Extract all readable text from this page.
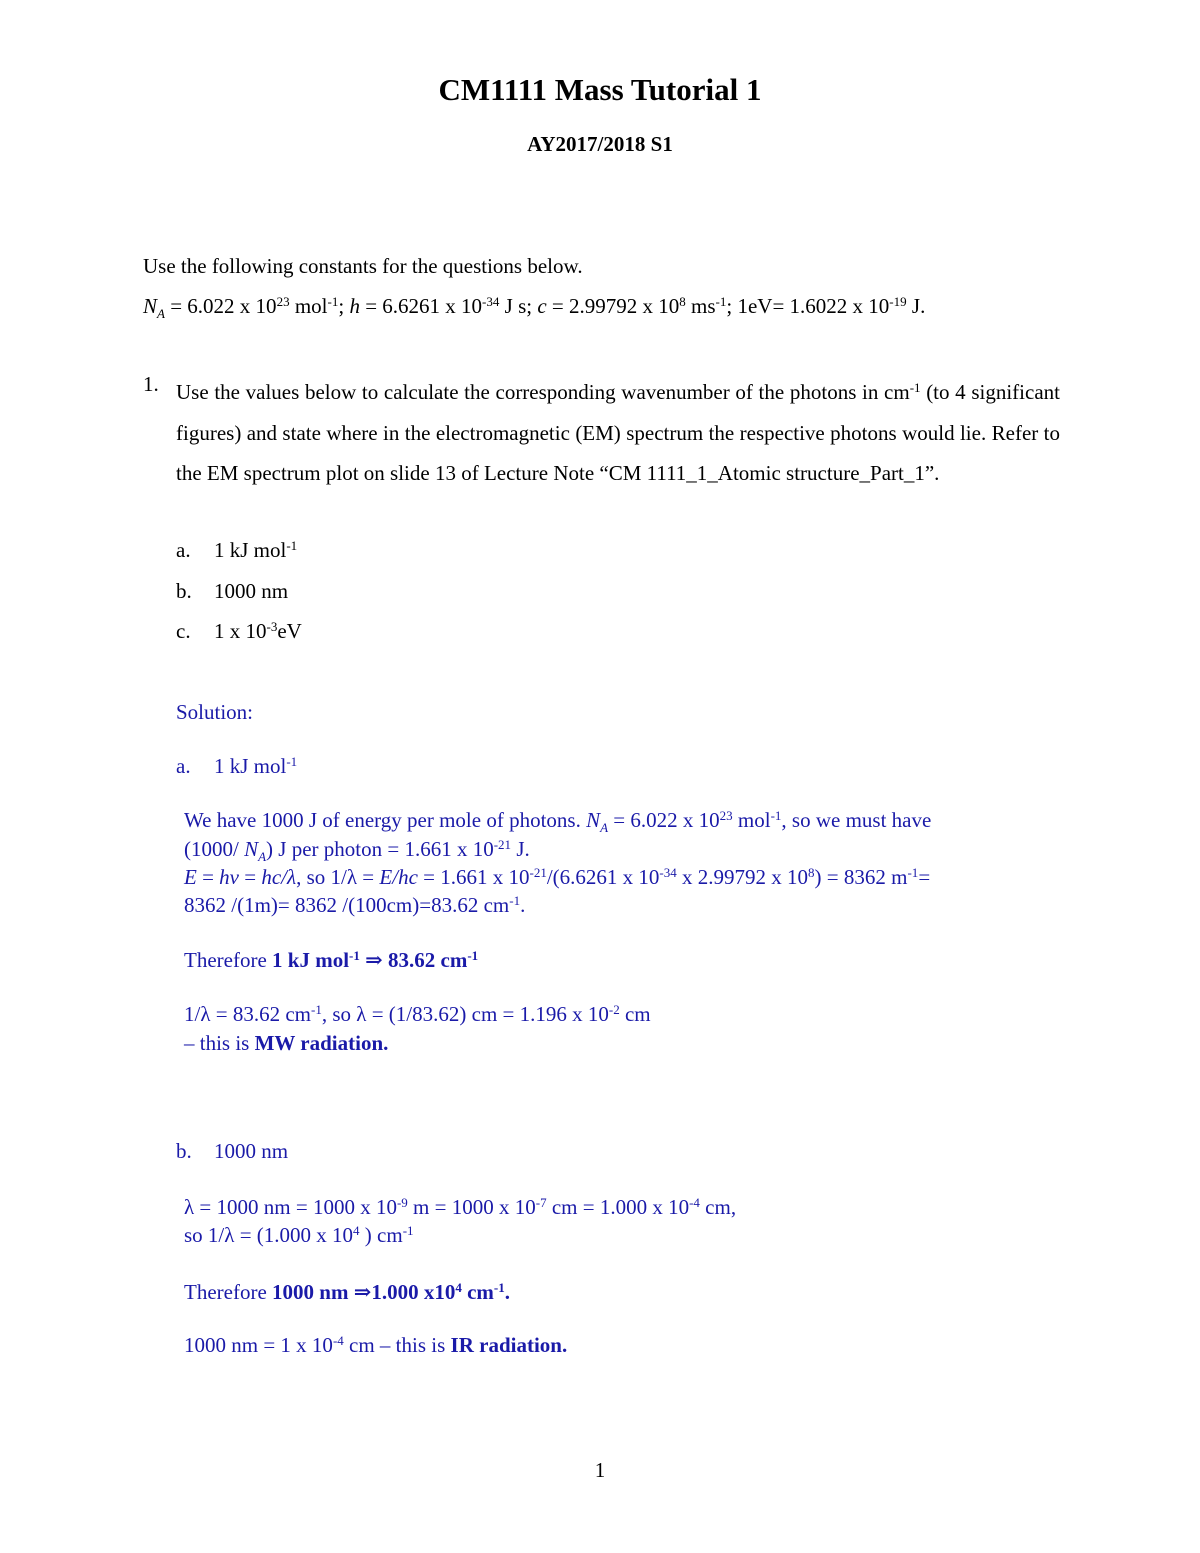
CM1111 Mass Tutorial 1
AY2017/2018 S1
Use the following constants for the questions below.
$N_A = 6.022$ x $10^{23}$ mol$^{-1}$; h = 6.6261 x $10^{-34}$ J s; c = 2.99792 x $10^8$ $ms^{-1}$; 1eV= 1.6022 x $10^{-19}$ J.
1. Use the values below to calculate the corresponding wavenumber of the photons in $cm^{-1}$ (to 4 significant figures) and state where in the electromagnetic (EM) spectrum the respective photons would lie. Refer to the EM spectrum plot on slide 13 of Lecture Note “CM 1111_1_Atomic structure_Part_1”.
a. 1 kJ mol$^{-1}$
b. 1000 nm
c. 1 x $10^{-3}eV$
Solution:
a. 1 kJ mol$^{-1}$
We have 1000 J of energy per mole of photons. $N_A = 6.022$ x $10^{23}$ mol$^{-1}$, so we must have
(1000/ $N_A$) J per photon = 1.661 x $10^{-21}$ J.
E = hν = hc/λ, so 1/λ = E/hc = 1.661 x $10^{-21}/(6.6261$ x $10^{-34}$ x 2.99792 x $10^8) = 8362$ $m^{-1}=$
8362 /(1m)= 8362 /(100cm)=83.62 $cm^{-1}$.
Therefore 1 kJ mol$^{-1}$ ⇒ 83.62 $cm^{-1}$
1/λ = 83.62 $cm^{-1}$, so λ = (1/83.62) cm = 1.196 x $10^{-2}$ cm
– this is MW radiation.
b. 1000 nm
λ = 1000 nm = 1000 x $10^{-9}$ m = 1000 x $10^{-7}$ cm = 1.000 x $10^{-4}$ cm,
so 1/λ = (1.000 x $10^4$ ) $cm^{-1}$
Therefore 1000 nm ⇒1.000 $x10^4$ $cm^{-1}$.
1000 nm = 1 x $10^{-4}$ cm – this is IR radiation.
1
